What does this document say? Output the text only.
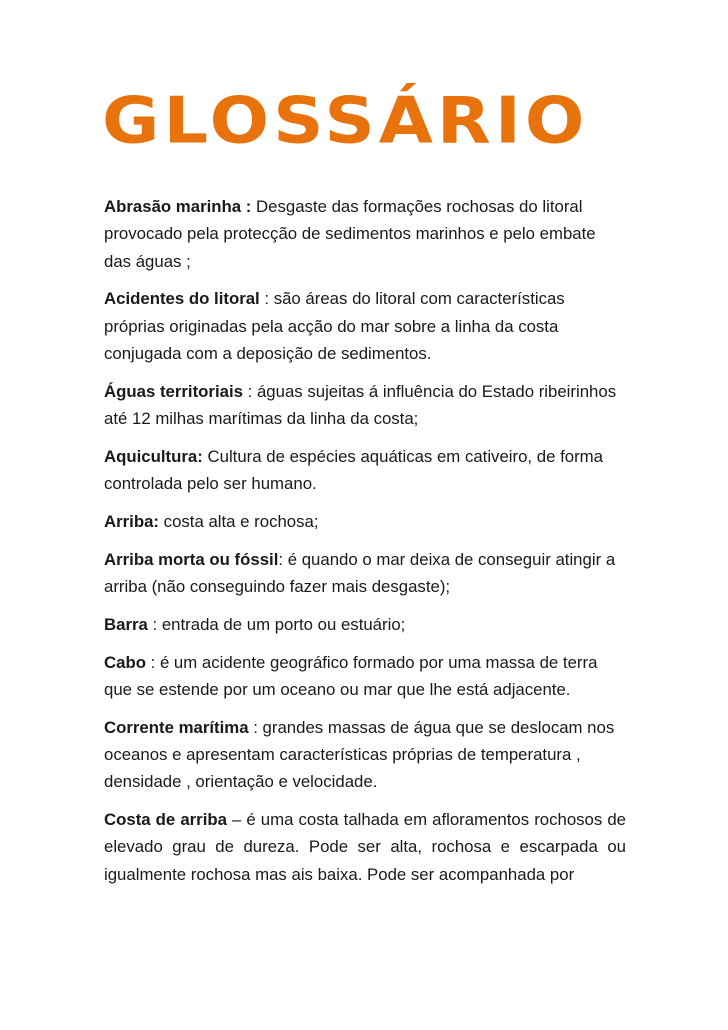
GLOSSÁRIO

Abrasão marinha : Desgaste das formações rochosas do litoral provocado pela protecção de sedimentos marinhos e pelo embate das águas ;

Acidentes do litoral : são áreas do litoral com características próprias originadas pela acção do mar sobre a linha da costa conjugada com a deposição de sedimentos.

Águas territoriais : águas sujeitas á influência do Estado ribeirinhos até 12 milhas marítimas da linha da costa;

Aquicultura: Cultura de espécies aquáticas em cativeiro, de forma controlada pelo ser humano.

Arriba: costa alta e rochosa;

Arriba morta ou fóssil: é quando o mar deixa de conseguir atingir a arriba (não conseguindo fazer mais desgaste);

Barra : entrada de um porto ou estuário;

Cabo : é um acidente geográfico formado por uma massa de terra que se estende por um oceano ou mar que lhe está adjacente.

Corrente marítima : grandes massas de água que se deslocam nos oceanos e apresentam características próprias de temperatura , densidade , orientação e velocidade.

Costa de arriba – é uma costa talhada em afloramentos rochosos de elevado grau de dureza. Pode ser alta, rochosa e escarpada ou igualmente rochosa mas ais baixa. Pode ser acompanhada por
